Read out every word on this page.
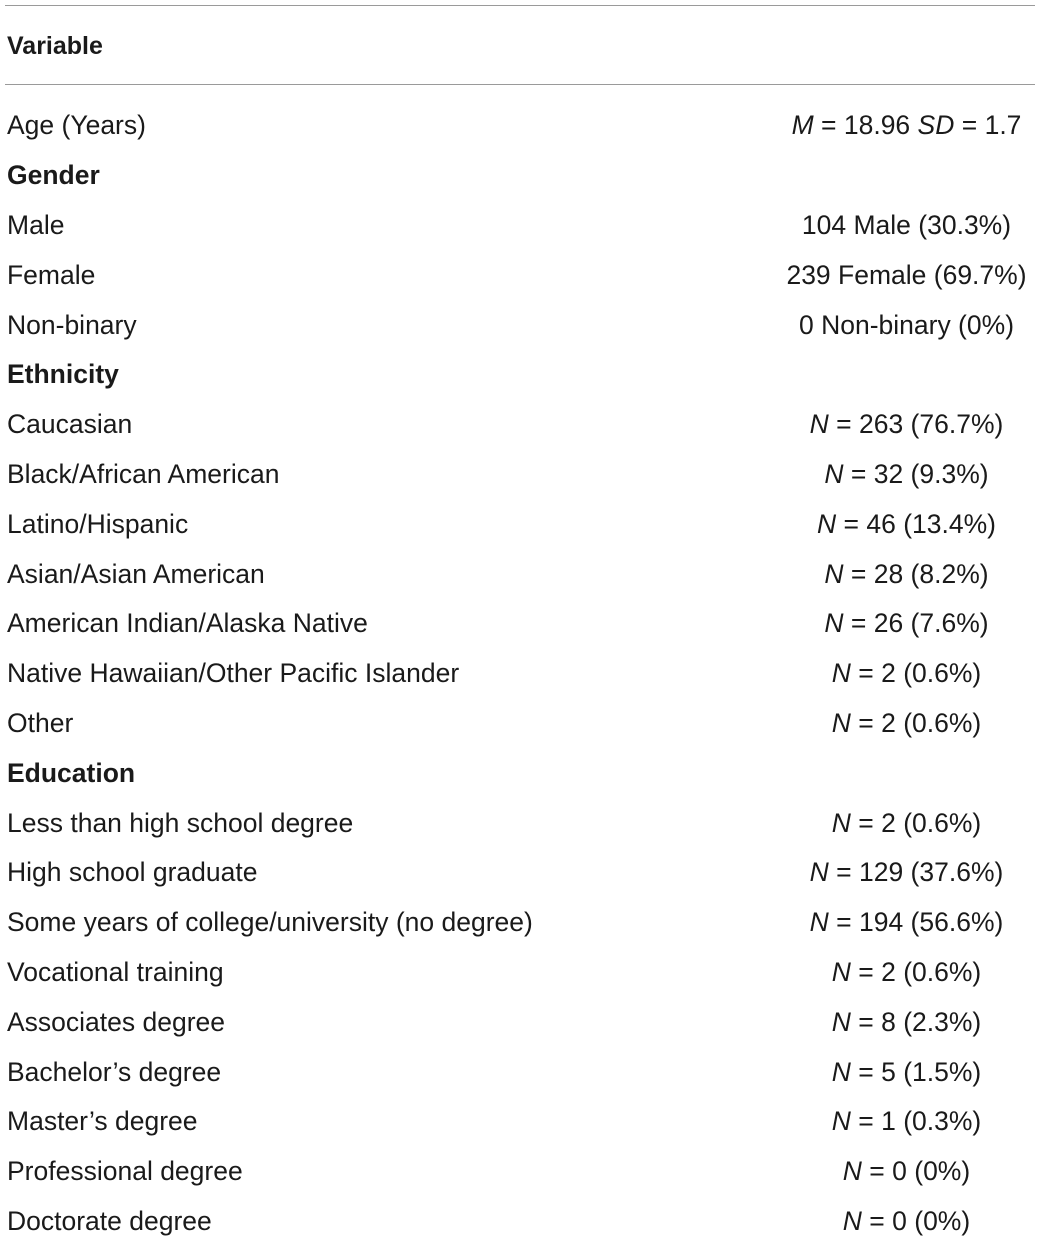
Variable
Age (Years)	M = 18.96 SD = 1.7
Gender
Male	104 Male (30.3%)
Female	239 Female (69.7%)
Non-binary	0 Non-binary (0%)
Ethnicity
Caucasian	N = 263 (76.7%)
Black/African American	N = 32 (9.3%)
Latino/Hispanic	N = 46 (13.4%)
Asian/Asian American	N = 28 (8.2%)
American Indian/Alaska Native	N = 26 (7.6%)
Native Hawaiian/Other Pacific Islander	N = 2 (0.6%)
Other	N = 2 (0.6%)
Education
Less than high school degree	N = 2 (0.6%)
High school graduate	N = 129 (37.6%)
Some years of college/university (no degree)	N = 194 (56.6%)
Vocational training	N = 2 (0.6%)
Associates degree	N = 8 (2.3%)
Bachelor’s degree	N = 5 (1.5%)
Master’s degree	N = 1 (0.3%)
Professional degree	N = 0 (0%)
Doctorate degree	N = 0 (0%)
